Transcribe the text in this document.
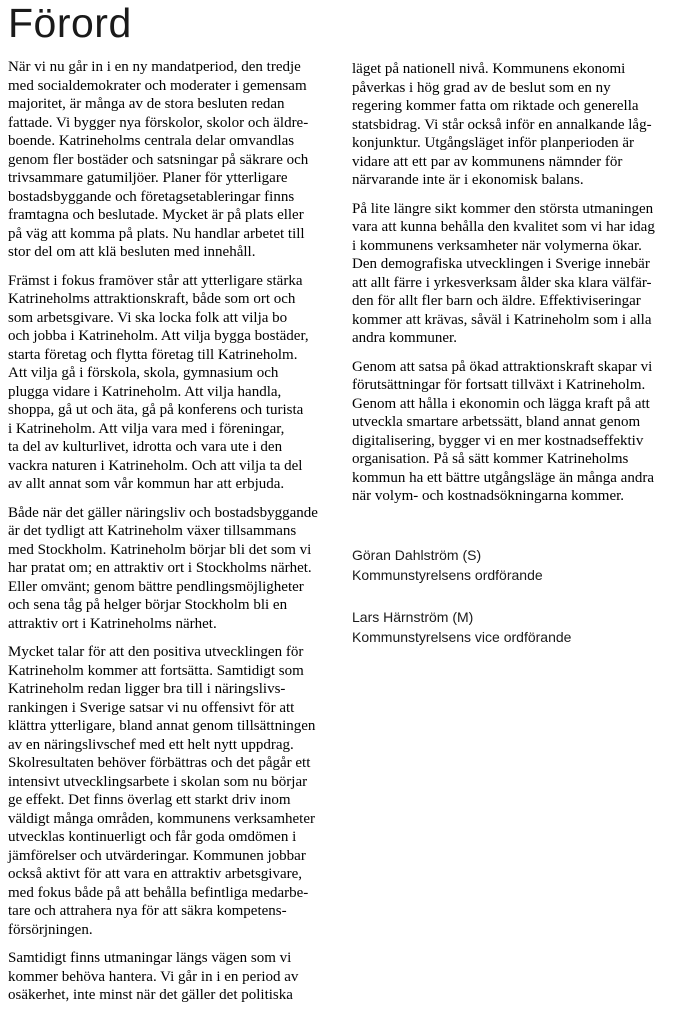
Förord

När vi nu går in i en ny mandatperiod, den tredje
med socialdemokrater och moderater i gemensam
majoritet, är många av de stora besluten redan
fattade. Vi bygger nya förskolor, skolor och äldre-
boende. Katrineholms centrala delar omvandlas
genom fler bostäder och satsningar på säkrare och
trivsammare gatumiljöer. Planer för ytterligare
bostadsbyggande och företagsetableringar finns
framtagna och beslutade. Mycket är på plats eller
på väg att komma på plats. Nu handlar arbetet till
stor del om att klä besluten med innehåll.

Främst i fokus framöver står att ytterligare stärka
Katrineholms attraktionskraft, både som ort och
som arbetsgivare. Vi ska locka folk att vilja bo
och jobba i Katrineholm. Att vilja bygga bostäder,
starta företag och flytta företag till Katrineholm.
Att vilja gå i förskola, skola, gymnasium och
plugga vidare i Katrineholm. Att vilja handla,
shoppa, gå ut och äta, gå på konferens och turista
i Katrineholm. Att vilja vara med i föreningar,
ta del av kulturlivet, idrotta och vara ute i den
vackra naturen i Katrineholm. Och att vilja ta del
av allt annat som vår kommun har att erbjuda.

Både när det gäller näringsliv och bostadsbyggande
är det tydligt att Katrineholm växer tillsammans
med Stockholm. Katrineholm börjar bli det som vi
har pratat om; en attraktiv ort i Stockholms närhet.
Eller omvänt; genom bättre pendlingsmöjligheter
och sena tåg på helger börjar Stockholm bli en
attraktiv ort i Katrineholms närhet.

Mycket talar för att den positiva utvecklingen för
Katrineholm kommer att fortsätta. Samtidigt som
Katrineholm redan ligger bra till i näringslivs-
rankingen i Sverige satsar vi nu offensivt för att
klättra ytterligare, bland annat genom tillsättningen
av en näringslivschef med ett helt nytt uppdrag.
Skolresultaten behöver förbättras och det pågår ett
intensivt utvecklingsarbete i skolan som nu börjar
ge effekt. Det finns överlag ett starkt driv inom
väldigt många områden, kommunens verksamheter
utvecklas kontinuerligt och får goda omdömen i
jämförelser och utvärderingar. Kommunen jobbar
också aktivt för att vara en attraktiv arbetsgivare,
med fokus både på att behålla befintliga medarbe-
tare och attrahera nya för att säkra kompetens-
försörjningen.

Samtidigt finns utmaningar längs vägen som vi
kommer behöva hantera. Vi går in i en period av
osäkerhet, inte minst när det gäller det politiska

läget på nationell nivå. Kommunens ekonomi
påverkas i hög grad av de beslut som en ny
regering kommer fatta om riktade och generella
statsbidrag. Vi står också inför en annalkande låg-
konjunktur. Utgångsläget inför planperioden är
vidare att ett par av kommunens nämnder för
närvarande inte är i ekonomisk balans.

På lite längre sikt kommer den största utmaningen
vara att kunna behålla den kvalitet som vi har idag
i kommunens verksamheter när volymerna ökar.
Den demografiska utvecklingen i Sverige innebär
att allt färre i yrkesverksam ålder ska klara välfär-
den för allt fler barn och äldre. Effektiviseringar
kommer att krävas, såväl i Katrineholm som i alla
andra kommuner.

Genom att satsa på ökad attraktionskraft skapar vi
förutsättningar för fortsatt tillväxt i Katrineholm.
Genom att hålla i ekonomin och lägga kraft på att
utveckla smartare arbetssätt, bland annat genom
digitalisering, bygger vi en mer kostnadseffektiv
organisation. På så sätt kommer Katrineholms
kommun ha ett bättre utgångsläge än många andra
när volym- och kostnadsökningarna kommer.

Göran Dahlström (S)
Kommunstyrelsens ordförande
Lars Härnström (M)
Kommunstyrelsens vice ordförande
